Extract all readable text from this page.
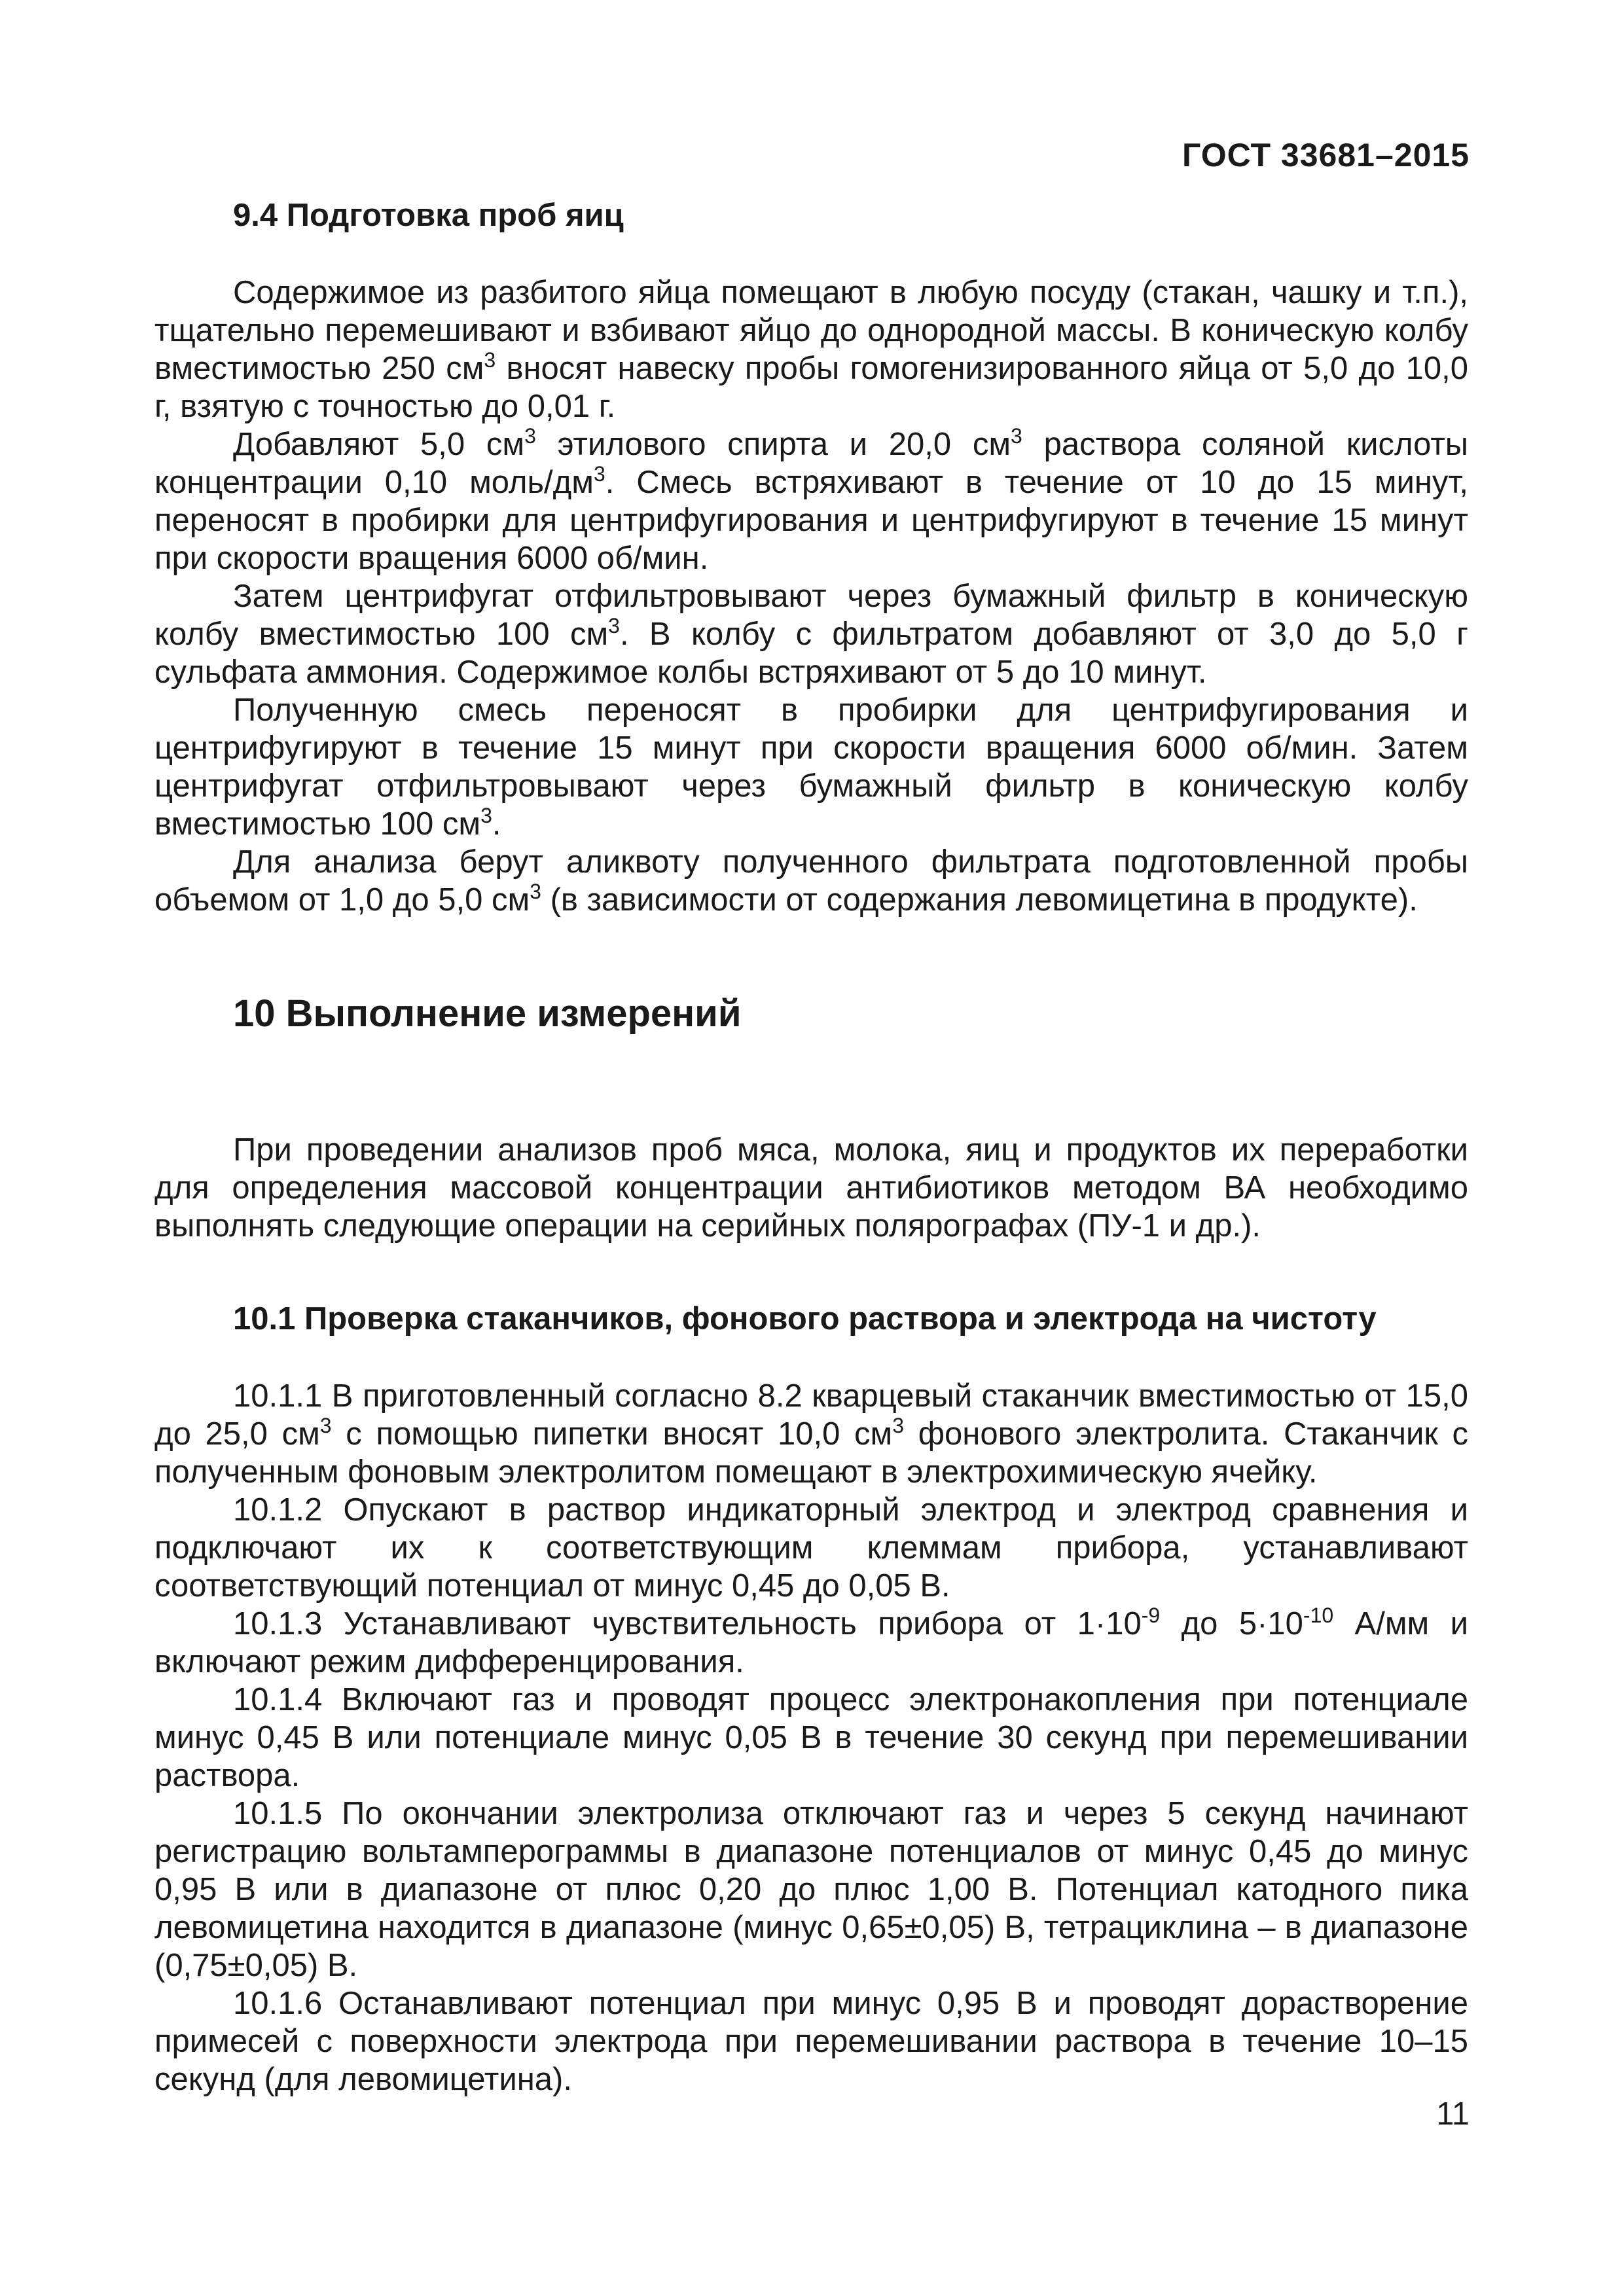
ГОСТ 33681–2015
9.4 Подготовка проб яиц

Содержимое из разбитого яйца помещают в любую посуду (стакан, чашку и т.п.), тщательно перемешивают и взбивают яйцо до однородной массы. В коническую колбу вместимостью 250 $см^3$ вносят навеску пробы гомогенизированного яйца от 5,0 до 10,0 г, взятую с точностью до 0,01 г.

Добавляют 5,0 $см^3$ этилового спирта и 20,0 $см^3$ раствора соляной кислоты концентрации 0,10 моль/$дм^3$. Смесь встряхивают в течение от 10 до 15 минут, переносят в пробирки для центрифугирования и центрифугируют в течение 15 минут при скорости вращения 6000 об/мин.

Затем центрифугат отфильтровывают через бумажный фильтр в коническую колбу вместимостью 100 $см^3$. В колбу с фильтратом добавляют от 3,0 до 5,0 г сульфата аммония. Содержимое колбы встряхивают от 5 до 10 минут.

Полученную смесь переносят в пробирки для центрифугирования и центрифугируют в течение 15 минут при скорости вращения 6000 об/мин. Затем центрифугат отфильтровывают через бумажный фильтр в коническую колбу вместимостью 100 $см^3$.

Для анализа берут аликвоту полученного фильтрата подготовленной пробы объемом от 1,0 до 5,0 $см^3$ (в зависимости от содержания левомицетина в продукте).

10 Выполнение измерений

При проведении анализов проб мяса, молока, яиц и продуктов их переработки для определения массовой концентрации антибиотиков методом ВА необходимо выполнять следующие операции на серийных полярографах (ПУ-1 и др.).

10.1 Проверка стаканчиков, фонового раствора и электрода на чистоту

10.1.1 В приготовленный согласно 8.2 кварцевый стаканчик вместимостью от 15,0 до 25,0 $см^3$ с помощью пипетки вносят 10,0 $см^3$ фонового электролита. Стаканчик с полученным фоновым электролитом помещают в электрохимическую ячейку.

10.1.2 Опускают в раствор индикаторный электрод и электрод сравнения и подключают их к соответствующим клеммам прибора, устанавливают соответствующий потенциал от минус 0,45 до 0,05 В.

10.1.3 Устанавливают чувствительность прибора от $1\cdot 10^{-9}$ до $5\cdot 10^{-10}$ А/мм и включают режим дифференцирования.

10.1.4 Включают газ и проводят процесс электронакопления при потенциале минус 0,45 В или потенциале минус 0,05 В в течение 30 секунд при перемешивании раствора.

10.1.5 По окончании электролиза отключают газ и через 5 секунд начинают регистрацию вольтамперограммы в диапазоне потенциалов от минус 0,45 до минус 0,95 В или в диапазоне от плюс 0,20 до плюс 1,00 В. Потенциал катодного пика левомицетина находится в диапазоне (минус 0,65±0,05) В, тетрациклина – в диапазоне (0,75±0,05) В.

10.1.6 Останавливают потенциал при минус 0,95 В и проводят дорастворение примесей с поверхности электрода при перемешивании раствора в течение 10–15 секунд (для левомицетина).

11
